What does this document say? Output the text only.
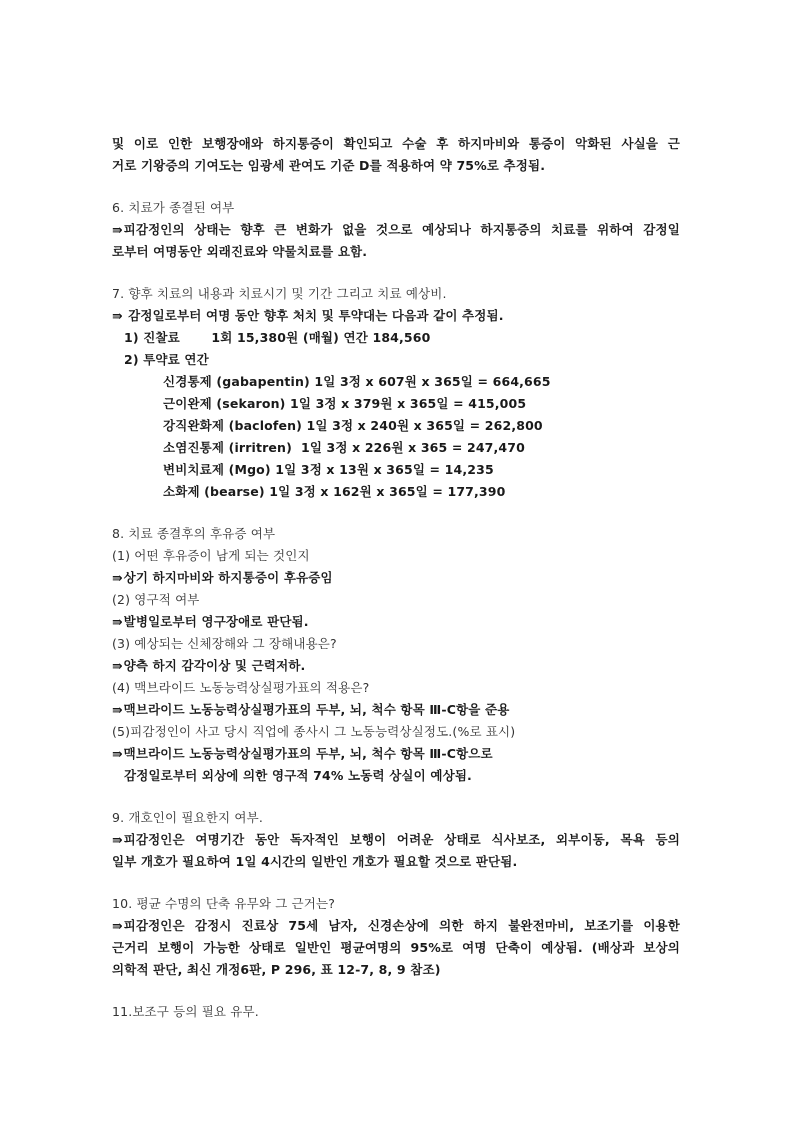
및 이로 인한 보행장애와 하지통증이 확인되고 수술 후 하지마비와 통증이 악화된 사실을 근
거로 기왕증의 기여도는 임광세 관여도 기준 D를 적용하여 약 75%로 추정됨.
6. 치료가 종결된 여부
⇛피감정인의 상태는 향후 큰 변화가 없을 것으로 예상되나 하지통증의 치료를 위하여 감정일
로부터 여명동안 외래진료와 약물치료를 요함.
7. 향후 치료의 내용과 치료시기 및 기간 그리고 치료 예상비.
⇛ 감정일로부터 여명 동안 향후 처치 및 투약대는 다음과 같이 추정됨.
1) 진찰료       1회 15,380원 (매월) 연간 184,560
2) 투약료 연간
신경통제 (gabapentin) 1일 3정 x 607원 x 365일 = 664,665
근이완제 (sekaron) 1일 3정 x 379원 x 365일 = 415,005
강직완화제 (baclofen) 1일 3정 x 240원 x 365일 = 262,800
소염진통제 (irritren)  1일 3정 x 226원 x 365 = 247,470
변비치료제 (Mgo) 1일 3정 x 13원 x 365일 = 14,235
소화제 (bearse) 1일 3정 x 162원 x 365일 = 177,390
8. 치료 종결후의 후유증 여부
(1) 어떤 후유증이 남게 되는 것인지
⇛상기 하지마비와 하지통증이 후유증임
(2) 영구적 여부
⇛발병일로부터 영구장애로 판단됨.
(3) 예상되는 신체장해와 그 장해내용은?
⇛양측 하지 감각이상 및 근력저하.
(4) 맥브라이드 노동능력상실평가표의 적용은?
⇛맥브라이드 노동능력상실평가표의 두부, 뇌, 척수 항목 Ⅲ-C항을 준용
(5)피감정인이 사고 당시 직업에 종사시 그 노동능력상실정도.(%로 표시)
⇛맥브라이드 노동능력상실평가표의 두부, 뇌, 척수 항목 Ⅲ-C항으로
감정일로부터 외상에 의한 영구적 74% 노동력 상실이 예상됨.
9. 개호인이 필요한지 여부.
⇛피감정인은 여명기간 동안 독자적인 보행이 어려운 상태로 식사보조, 외부이동, 목욕 등의
일부 개호가 필요하여 1일 4시간의 일반인 개호가 필요할 것으로 판단됨.
10. 평균 수명의 단축 유무와 그 근거는?
⇛피감정인은 감정시 진료상 75세 남자, 신경손상에 의한 하지 불완전마비, 보조기를 이용한
근거리 보행이 가능한 상태로 일반인 평균여명의 95%로 여명 단축이 예상됨. (배상과 보상의
의학적 판단, 최신 개정6판, P 296, 표 12-7, 8, 9 참조)
11.보조구 등의 필요 유무.
